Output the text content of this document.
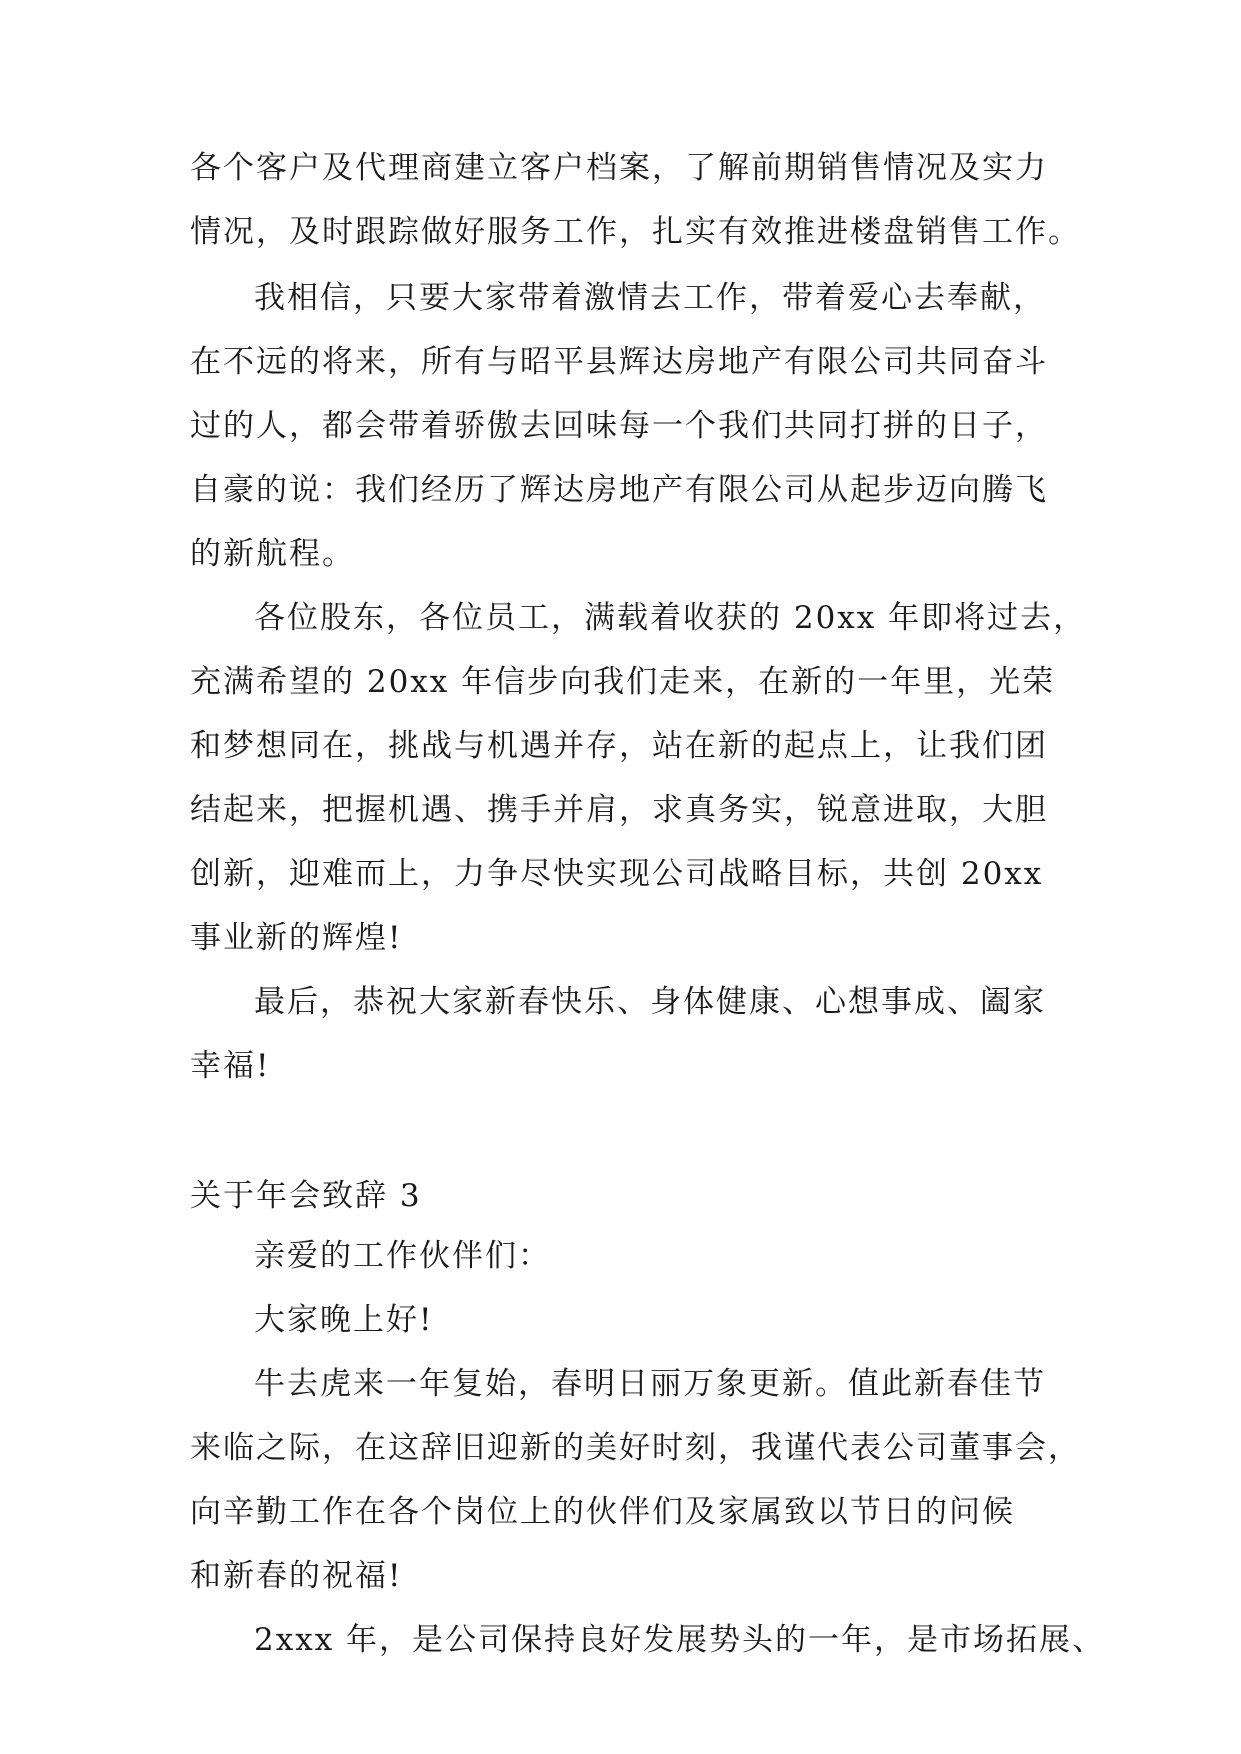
各个客户及代理商建立客户档案，了解前期销售情况及实力
情况，及时跟踪做好服务工作，扎实有效推进楼盘销售工作。
我相信，只要大家带着激情去工作，带着爱心去奉献，
在不远的将来，所有与昭平县辉达房地产有限公司共同奋斗
过的人，都会带着骄傲去回味每一个我们共同打拼的日子，
自豪的说：我们经历了辉达房地产有限公司从起步迈向腾飞
的新航程。
各位股东，各位员工，满载着收获的 20xx 年即将过去，
充满希望的 20xx 年信步向我们走来，在新的一年里，光荣
和梦想同在，挑战与机遇并存，站在新的起点上，让我们团
结起来，把握机遇、携手并肩，求真务实，锐意进取，大胆
创新，迎难而上，力争尽快实现公司战略目标，共创 20xx
事业新的辉煌!
最后，恭祝大家新春快乐、身体健康、心想事成、阖家
幸福!
关于年会致辞 3
亲爱的工作伙伴们：
大家晚上好!
牛去虎来一年复始，春明日丽万象更新。值此新春佳节
来临之际，在这辞旧迎新的美好时刻，我谨代表公司董事会，
向辛勤工作在各个岗位上的伙伴们及家属致以节日的问候
和新春的祝福!
2xxx 年，是公司保持良好发展势头的一年，是市场拓展、
